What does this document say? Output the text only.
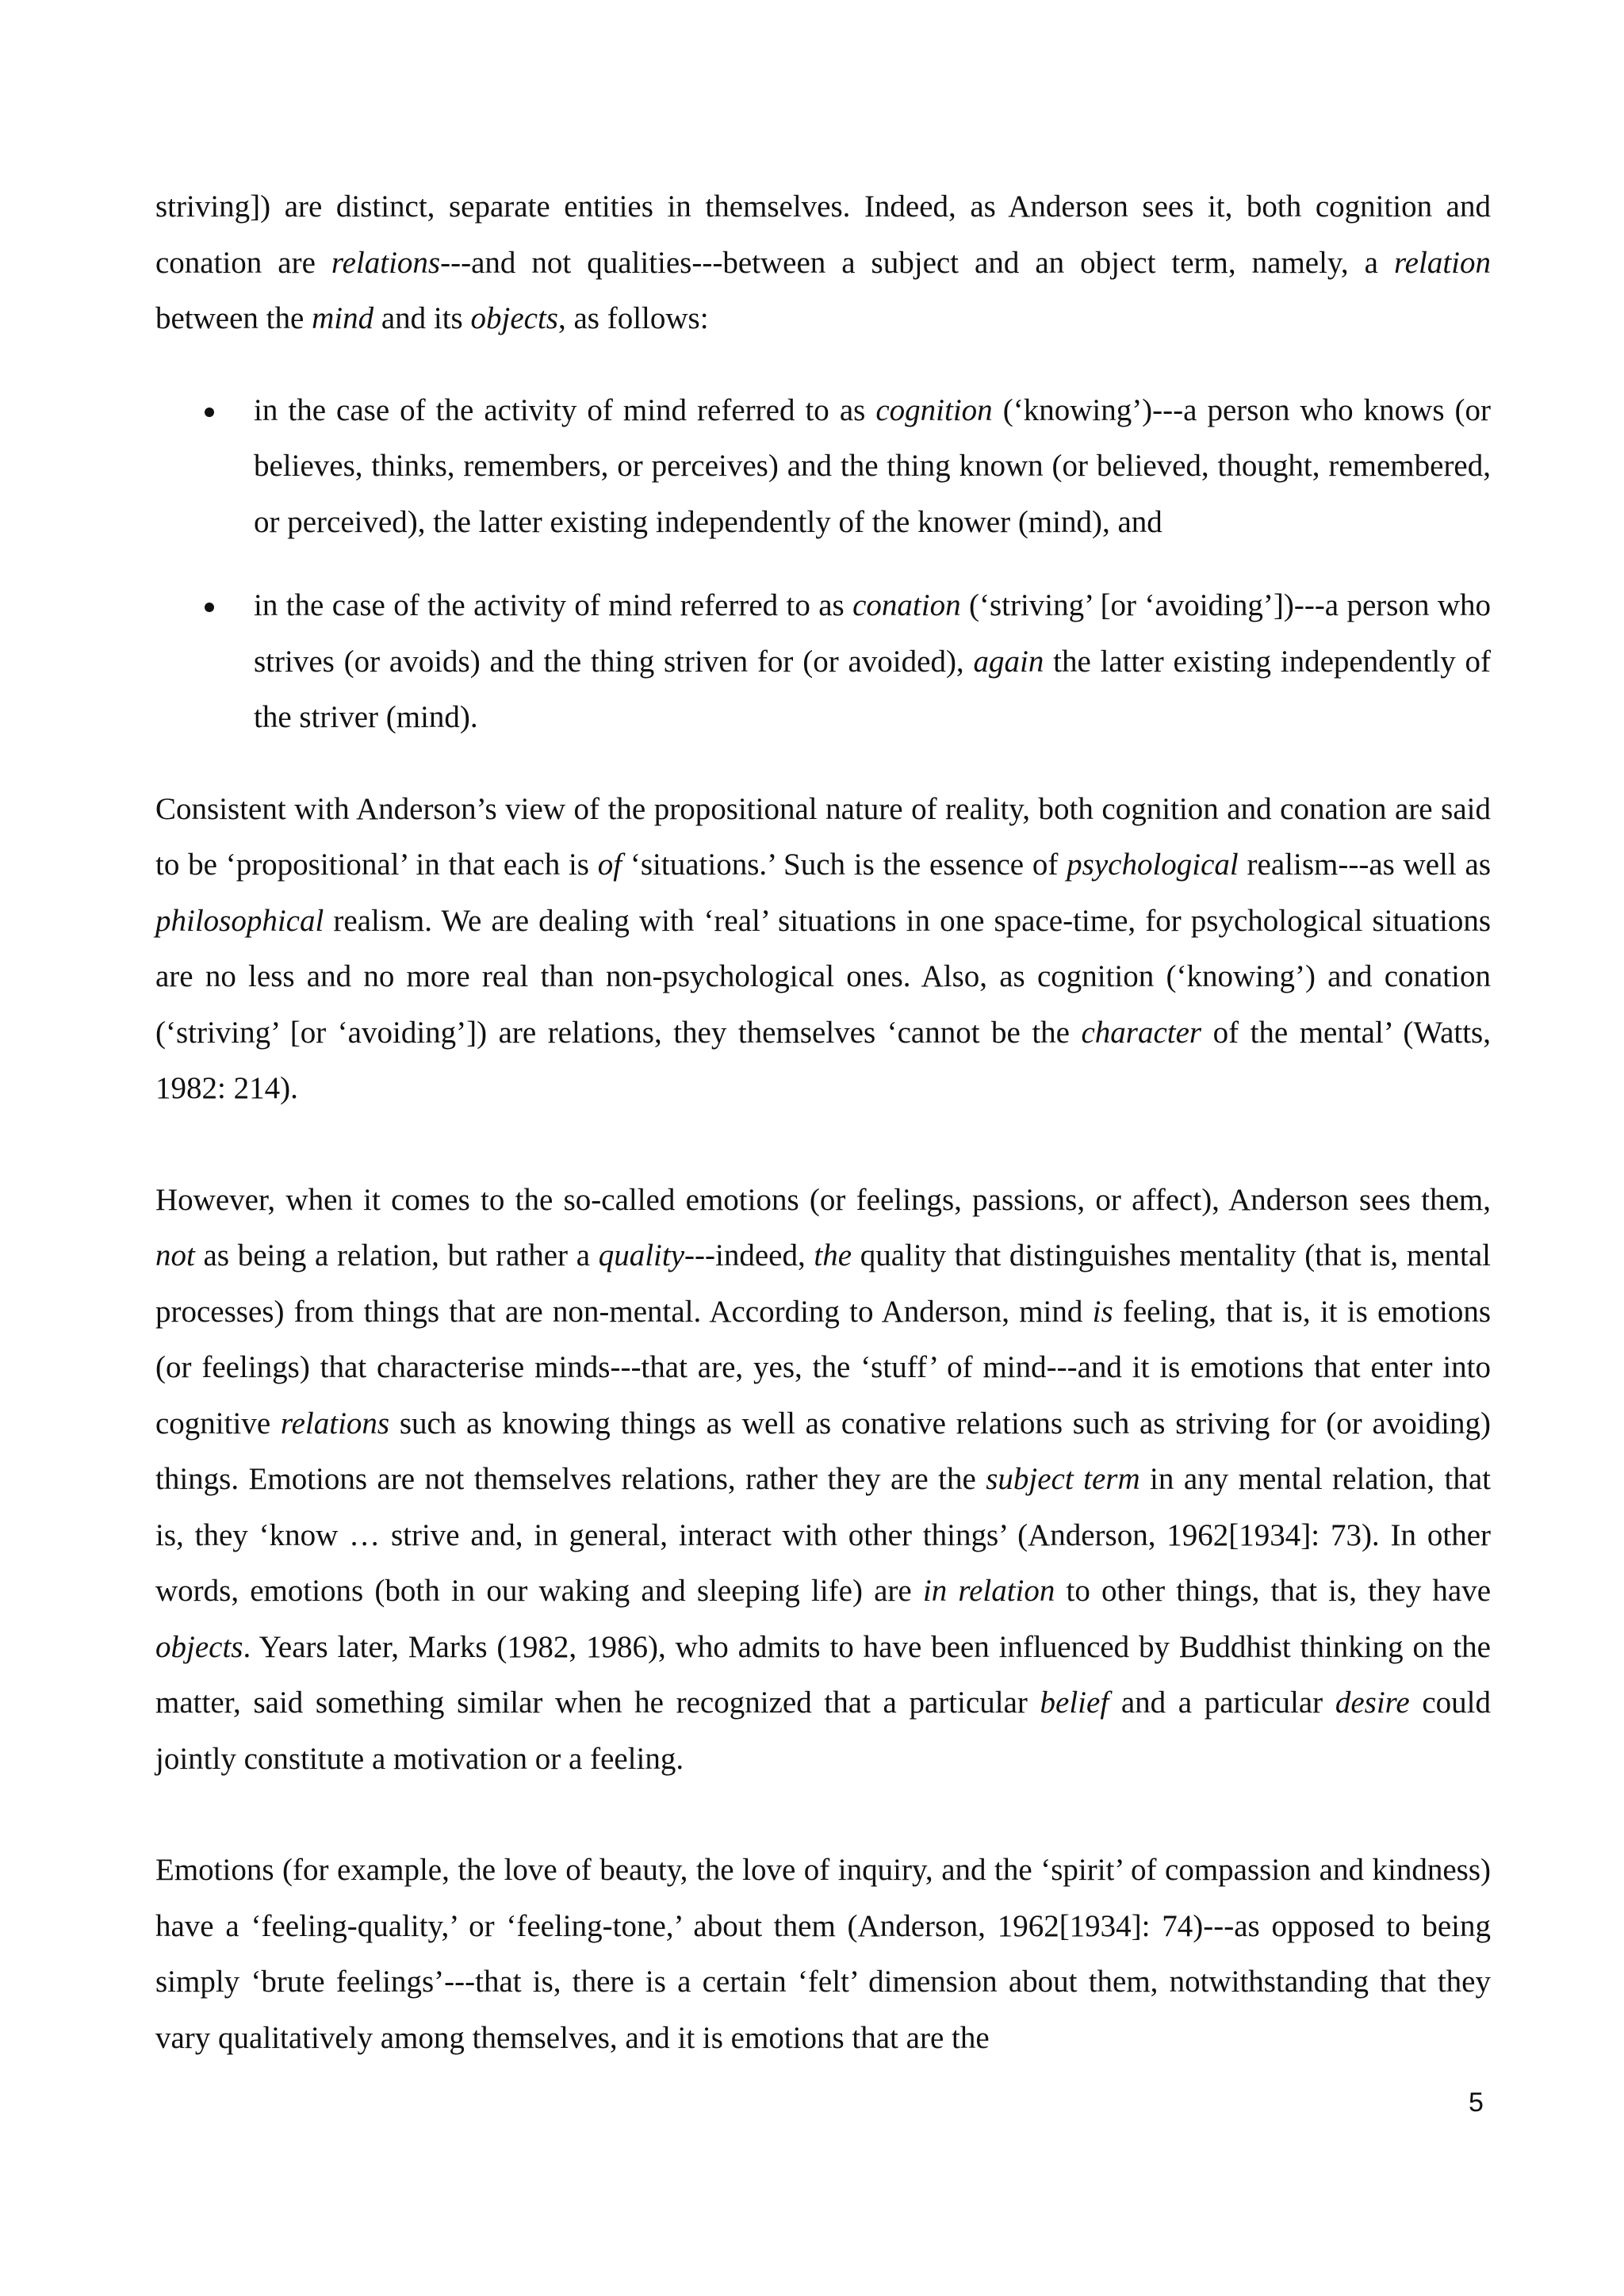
striving]) are distinct, separate entities in themselves. Indeed, as Anderson sees it, both cognition and conation are relations---and not qualities---between a subject and an object term, namely, a relation between the mind and its objects, as follows:

in the case of the activity of mind referred to as cognition (‘knowing’)---a person who knows (or believes, thinks, remembers, or perceives) and the thing known (or believed, thought, remembered, or perceived), the latter existing independently of the knower (mind), and
in the case of the activity of mind referred to as conation (‘striving’ [or ‘avoiding’])---a person who strives (or avoids) and the thing striven for (or avoided), again the latter existing independently of the striver (mind).

Consistent with Anderson’s view of the propositional nature of reality, both cognition and conation are said to be ‘propositional’ in that each is of ‘situations.’ Such is the essence of psychological realism---as well as philosophical realism. We are dealing with ‘real’ situations in one space-time, for psychological situations are no less and no more real than non-psychological ones. Also, as cognition (‘knowing’) and conation (‘striving’ [or ‘avoiding’]) are relations, they themselves ‘cannot be the character of the mental’ (Watts, 1982: 214).

However, when it comes to the so-called emotions (or feelings, passions, or affect), Anderson sees them, not as being a relation, but rather a quality---indeed, the quality that distinguishes mentality (that is, mental processes) from things that are non-mental. According to Anderson, mind is feeling, that is, it is emotions (or feelings) that characterise minds---that are, yes, the ‘stuff’ of mind---and it is emotions that enter into cognitive relations such as knowing things as well as conative relations such as striving for (or avoiding) things. Emotions are not themselves relations, rather they are the subject term in any mental relation, that is, they ‘know … strive and, in general, interact with other things’ (Anderson, 1962[1934]: 73). In other words, emotions (both in our waking and sleeping life) are in relation to other things, that is, they have objects. Years later, Marks (1982, 1986), who admits to have been influenced by Buddhist thinking on the matter, said something similar when he recognized that a particular belief and a particular desire could jointly constitute a motivation or a feeling.

Emotions (for example, the love of beauty, the love of inquiry, and the ‘spirit’ of compassion and kindness) have a ‘feeling-quality,’ or ‘feeling-tone,’ about them (Anderson, 1962[1934]: 74)---as opposed to being simply ‘brute feelings’---that is, there is a certain ‘felt’ dimension about them, notwithstanding that they vary qualitatively among themselves, and it is emotions that are the

5
